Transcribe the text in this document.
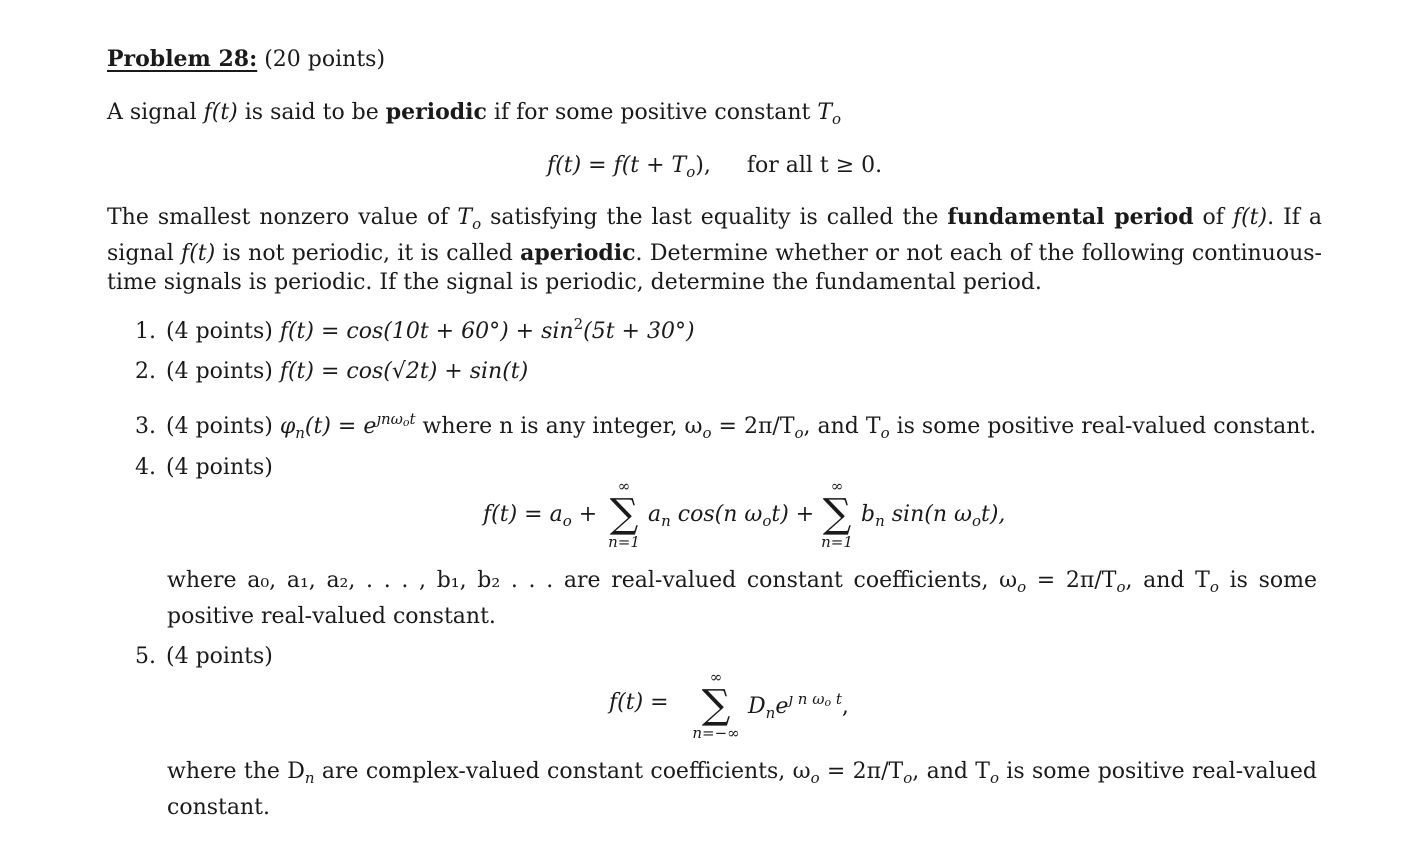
Problem 28: (20 points)
A signal f(t) is said to be periodic if for some positive constant $T_o$
$f(t) = f(t + T_o)$, for all t ≥ 0.
The smallest nonzero value of $T_o$ satisfying the last equality is called the fundamental period of f(t). If a signal f(t) is not periodic, it is called aperiodic. Determine whether or not each of the following continuous-time signals is periodic. If the signal is periodic, determine the fundamental period.
1. (4 points) $f(t) = \cos(10t + 60^\circ) + \sin^2(5t + 30^\circ)$
2. (4 points) f(t) = cos(√2t) + sin(t)
3. (4 points) $\varphi_n(t) = e^{ȷn\omega ot}$ where n is any integer, $\omega_o = 2\pi/T_o$, and $T_o$ is some positive real-valued constant.
4. (4 points)
$f(t) = a_o$ +
∞
∑
n=1
$a_n$ cos(n $\omega_ot$) +
∞
∑
n=1
$b_n$ sin(n $\omega_ot$),
where a₀, a₁, a₂, . . . , b₁, b₂ . . . are real-valued constant coefficients, $\omega_o = 2\pi/T_o$, and $T_o$ is some positive real-valued constant.
5. (4 points)
f(t) =
∞
∑
n=−∞
$D_ne^{ȷ n \omega o}$ $^t$,
where the $D_n$ are complex-valued constant coefficients, $\omega_o = 2\pi/T_o$, and $T_o$ is some positive real-valued constant.
